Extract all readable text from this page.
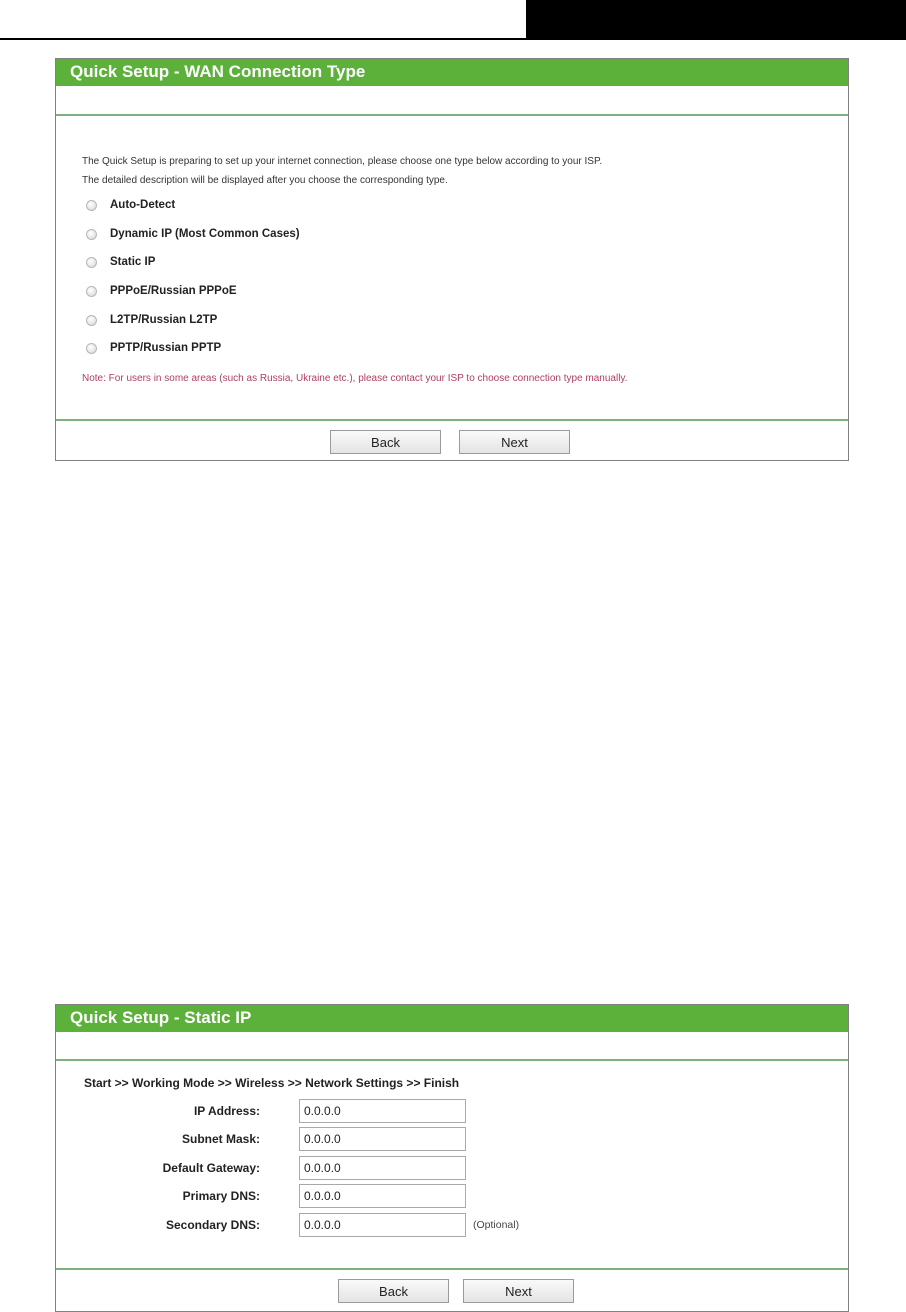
Quick Setup - WAN Connection Type
The Quick Setup is preparing to set up your internet connection, please choose one type below according to your ISP.
The detailed description will be displayed after you choose the corresponding type.
Auto-Detect
Dynamic IP (Most Common Cases)
Static IP
PPPoE/Russian PPPoE
L2TP/Russian L2TP
PPTP/Russian PPTP
Note: For users in some areas (such as Russia, Ukraine etc.), please contact your ISP to choose connection type manually.
Back	Next
Quick Setup - Static IP
Start >> Working Mode >> Wireless >> Network Settings >> Finish
IP Address:
0.0.0.0
Subnet Mask:
0.0.0.0
Default Gateway:
0.0.0.0
Primary DNS:
0.0.0.0
Secondary DNS:
0.0.0.0	(Optional)
Back	Next
